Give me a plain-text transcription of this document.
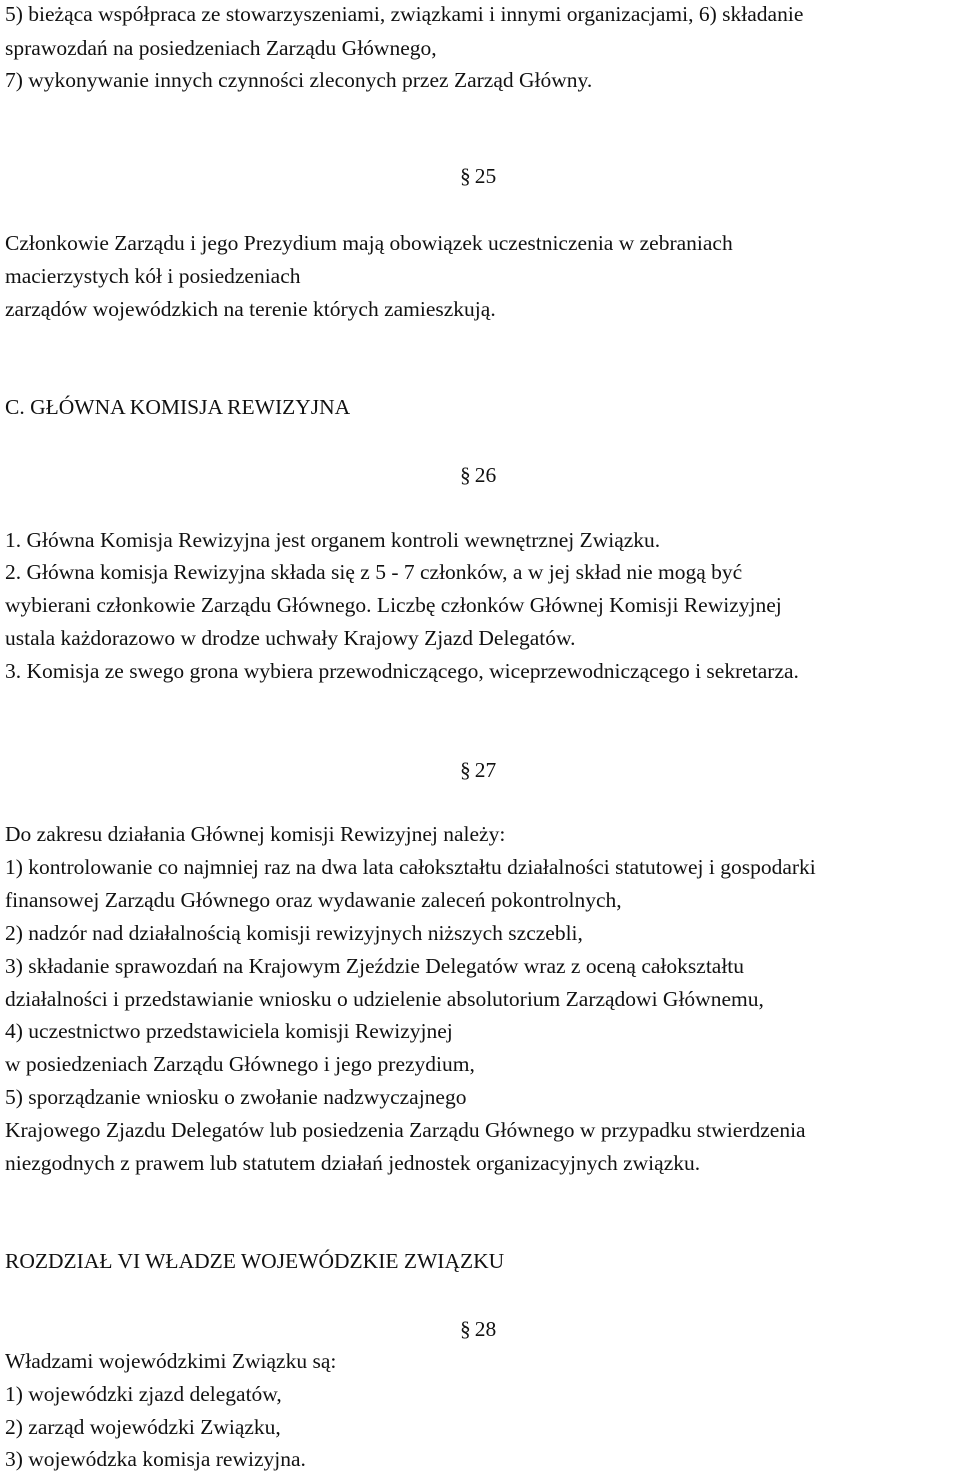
5) bieżąca współpraca ze stowarzyszeniami, związkami i innymi organizacjami, 6) składanie
sprawozdań na posiedzeniach Zarządu Głównego,
7) wykonywanie innych czynności zleconych przez Zarząd Główny.
§ 25
Członkowie Zarządu i jego Prezydium mają obowiązek uczestniczenia w zebraniach
macierzystych kół i posiedzeniach
zarządów wojewódzkich na terenie których zamieszkują.
C. GŁÓWNA KOMISJA REWIZYJNA
§ 26
1. Główna Komisja Rewizyjna jest organem kontroli wewnętrznej Związku.
2. Główna komisja Rewizyjna składa się z 5 - 7 członków, a w jej skład nie mogą być
wybierani członkowie Zarządu Głównego. Liczbę członków Głównej Komisji Rewizyjnej
ustala każdorazowo w drodze uchwały Krajowy Zjazd Delegatów.
3. Komisja ze swego grona wybiera przewodniczącego, wiceprzewodniczącego i sekretarza.
§ 27
Do zakresu działania Głównej komisji Rewizyjnej należy:
1) kontrolowanie co najmniej raz na dwa lata całokształtu działalności statutowej i gospodarki
finansowej Zarządu Głównego oraz wydawanie zaleceń pokontrolnych,
2) nadzór nad działalnością komisji rewizyjnych niższych szczebli,
3) składanie sprawozdań na Krajowym Zjeździe Delegatów wraz z oceną całokształtu
działalności i przedstawianie wniosku o udzielenie absolutorium Zarządowi Głównemu,
4) uczestnictwo przedstawiciela komisji Rewizyjnej
w posiedzeniach Zarządu Głównego i jego prezydium,
5) sporządzanie wniosku o zwołanie nadzwyczajnego
Krajowego Zjazdu Delegatów lub posiedzenia Zarządu Głównego w przypadku stwierdzenia
niezgodnych z prawem lub statutem działań jednostek organizacyjnych związku.
ROZDZIAŁ VI WŁADZE WOJEWÓDZKIE ZWIĄZKU
§ 28
Władzami wojewódzkimi Związku są:
1) wojewódzki zjazd delegatów,
2) zarząd wojewódzki Związku,
3) wojewódzka komisja rewizyjna.
